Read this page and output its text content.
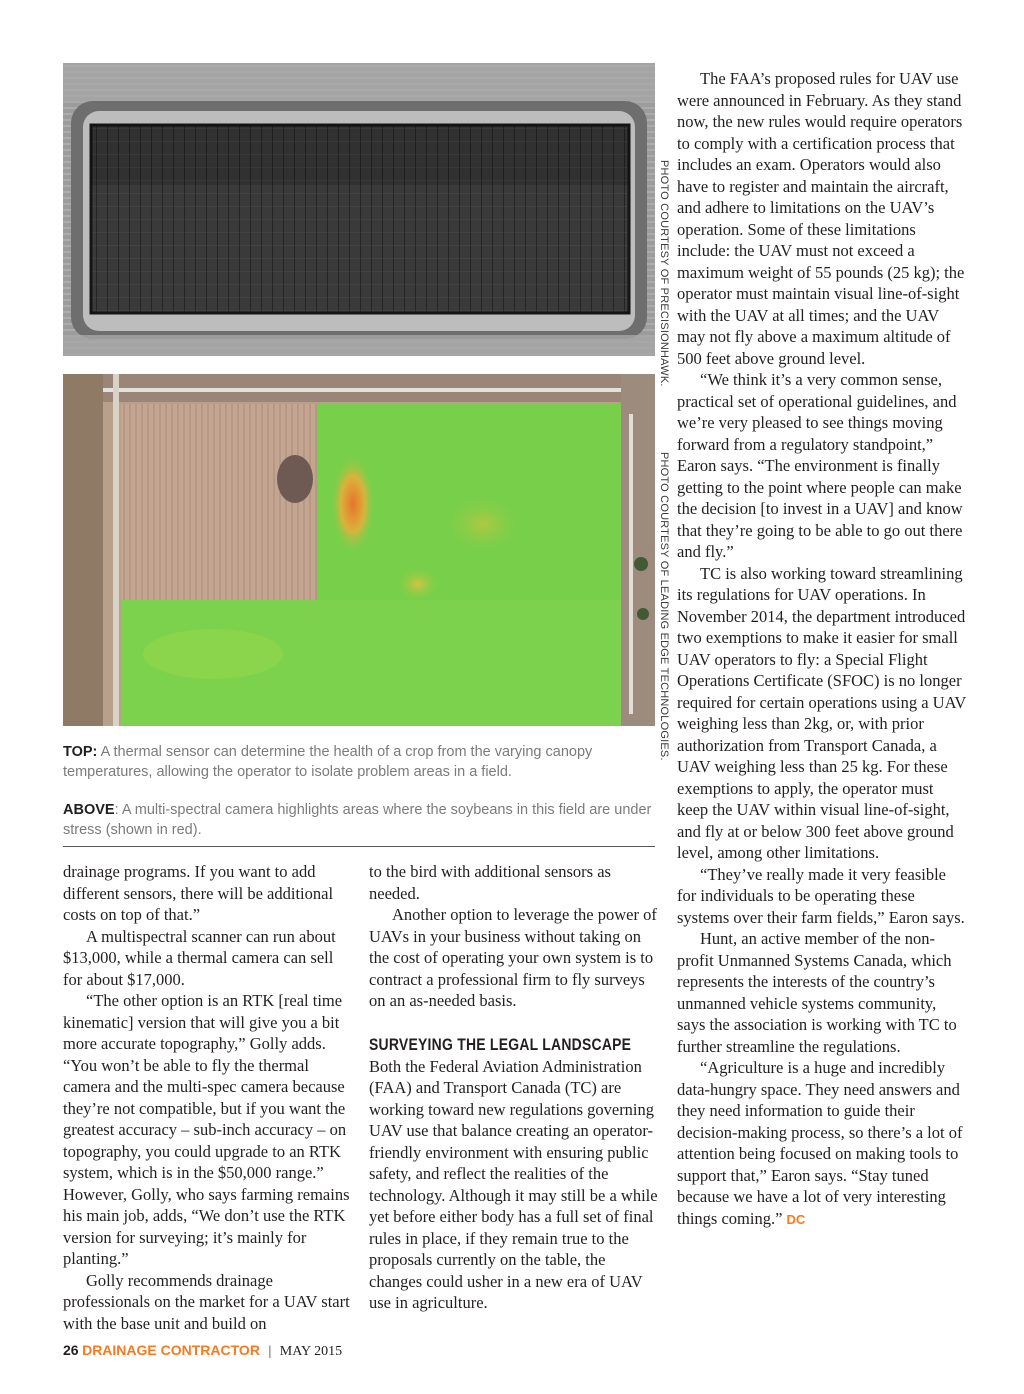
PHOTO COURTESY OF PRECISIONHAWK.
PHOTO COURTESY OF LEADING EDGE TECHNOLOGIES.

TOP: A thermal sensor can determine the health of a crop from the varying canopy temperatures, allowing the operator to isolate problem areas in a field.

ABOVE: A multi-spectral camera highlights areas where the soybeans in this field are under stress (shown in red).

drainage programs. If you want to add different sensors, there will be additional costs on top of that.”

A multispectral scanner can run about $13,000, while a thermal camera can sell for about $17,000.

“The other option is an RTK [real time kinematic] version that will give you a bit more accurate topography,” Golly adds. “You won’t be able to fly the thermal camera and the multi-spec camera because they’re not compatible, but if you want the greatest accuracy – sub-inch accuracy – on topography, you could upgrade to an RTK system, which is in the $50,000 range.” However, Golly, who says farming remains his main job, adds, “We don’t use the RTK version for surveying; it’s mainly for planting.”

Golly recommends drainage professionals on the market for a UAV start with the base unit and build on

to the bird with additional sensors as needed.

Another option to leverage the power of UAVs in your business without taking on the cost of operating your own system is to contract a professional firm to fly surveys on an as-needed basis.

SURVEYING THE LEGAL LANDSCAPE

Both the Federal Aviation Administration (FAA) and Transport Canada (TC) are working toward new regulations governing UAV use that balance creating an operator-friendly environment with ensuring public safety, and reflect the realities of the technology. Although it may still be a while yet before either body has a full set of final rules in place, if they remain true to the proposals currently on the table, the changes could usher in a new era of UAV use in agriculture.

The FAA’s proposed rules for UAV use were announced in February. As they stand now, the new rules would require operators to comply with a certification process that includes an exam. Operators would also have to register and maintain the aircraft, and adhere to limitations on the UAV’s operation. Some of these limitations include: the UAV must not exceed a maximum weight of 55 pounds (25 kg); the operator must maintain visual line-of-sight with the UAV at all times; and the UAV may not fly above a maximum altitude of 500 feet above ground level.

“We think it’s a very common sense, practical set of operational guidelines, and we’re very pleased to see things moving forward from a regulatory standpoint,” Earon says. “The environment is finally getting to the point where people can make the decision [to invest in a UAV] and know that they’re going to be able to go out there and fly.”

TC is also working toward streamlining its regulations for UAV operations. In November 2014, the department introduced two exemptions to make it easier for small UAV operators to fly: a Special Flight Operations Certificate (SFOC) is no longer required for certain operations using a UAV weighing less than 2kg, or, with prior authorization from Transport Canada, a UAV weighing less than 25 kg. For these exemptions to apply, the operator must keep the UAV within visual line-of-sight, and fly at or below 300 feet above ground level, among other limitations.

“They’ve really made it very feasible for individuals to be operating these systems over their farm fields,” Earon says.

Hunt, an active member of the non-profit Unmanned Systems Canada, which represents the interests of the country’s unmanned vehicle systems community, says the association is working with TC to further streamline the regulations.

“Agriculture is a huge and incredibly data-hungry space. They need answers and they need information to guide their decision-making process, so there’s a lot of attention being focused on making tools to support that,” Earon says. “Stay tuned because we have a lot of very interesting things coming.” DC

26 DRAINAGE CONTRACTOR | MAY 2015
